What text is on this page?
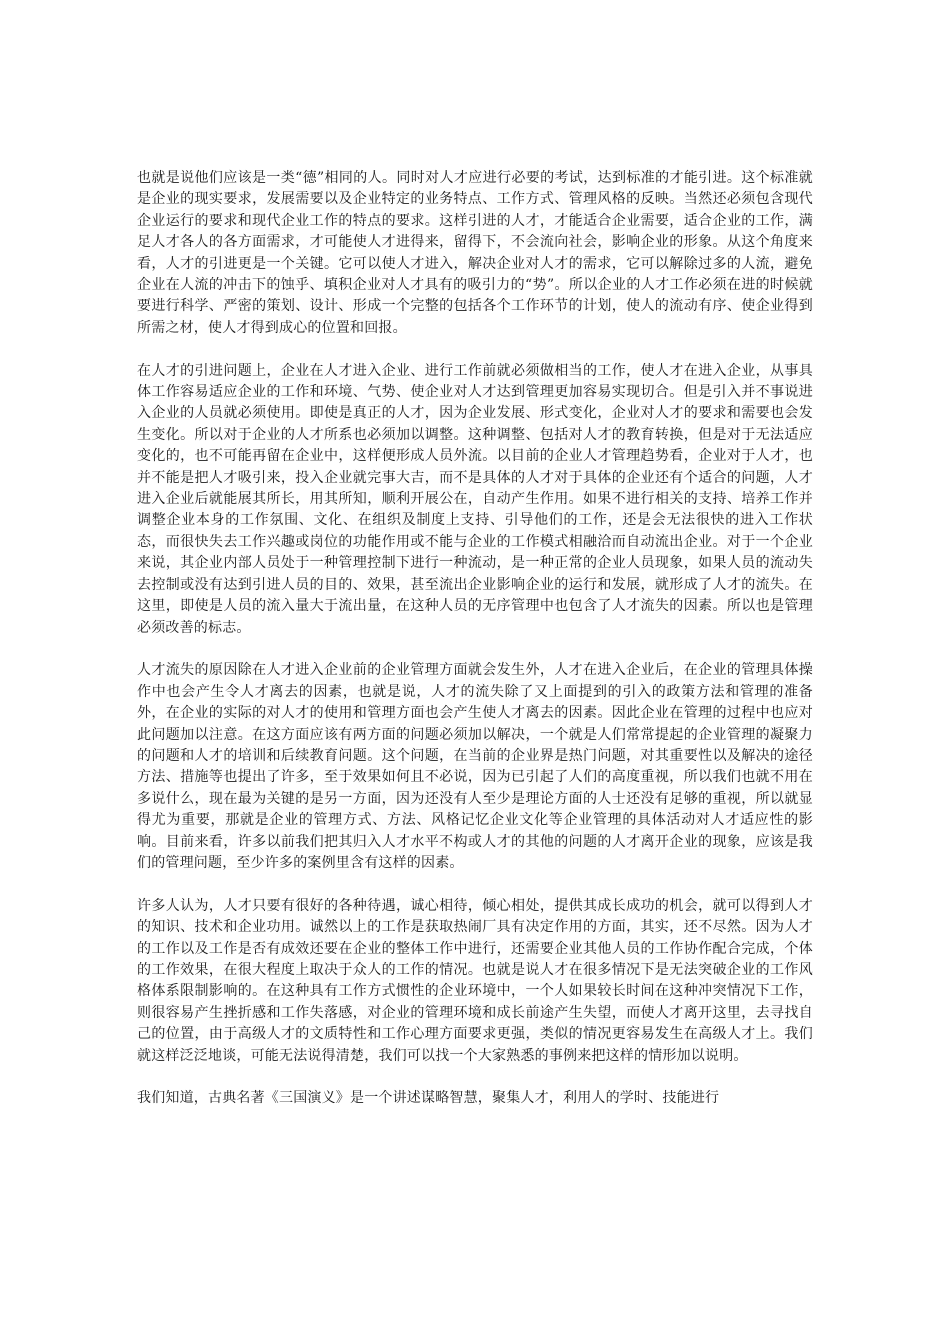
也就是说他们应该是一类“德”相同的人。同时对人才应进行必要的考试，达到标准的才能引进。这个标准就是企业的现实要求，发展需要以及企业特定的业务特点、工作方式、管理风格的反映。当然还必须包含现代企业运行的要求和现代企业工作的特点的要求。这样引进的人才，才能适合企业需要，适合企业的工作，满足人才各人的各方面需求，才可能使人才进得来，留得下，不会流向社会，影响企业的形象。从这个角度来看，人才的引进更是一个关键。它可以使人才进入，解决企业对人才的需求，它可以解除过多的人流，避免企业在人流的冲击下的蚀乎、填积企业对人才具有的吸引力的“势”。所以企业的人才工作必须在进的时候就要进行科学、严密的策划、设计、形成一个完整的包括各个工作环节的计划，使人的流动有序、使企业得到所需之材，使人才得到成心的位置和回报。

在人才的引进问题上，企业在人才进入企业、进行工作前就必须做相当的工作，使人才在进入企业，从事具体工作容易适应企业的工作和环境、气势、使企业对人才达到管理更加容易实现切合。但是引入并不事说进入企业的人员就必须使用。即使是真正的人才，因为企业发展、形式变化，企业对人才的要求和需要也会发生变化。所以对于企业的人才所系也必须加以调整。这种调整、包括对人才的教育转换，但是对于无法适应变化的，也不可能再留在企业中，这样便形成人员外流。以目前的企业人才管理趋势看，企业对于人才，也并不能是把人才吸引来，投入企业就完事大吉，而不是具体的人才对于具体的企业还有个适合的问题，人才进入企业后就能展其所长，用其所知，顺利开展公在，自动产生作用。如果不进行相关的支持、培养工作并调整企业本身的工作氛围、文化、在组织及制度上支持、引导他们的工作，还是会无法很快的进入工作状态，而很快失去工作兴趣或岗位的功能作用或不能与企业的工作模式相融洽而自动流出企业。对于一个企业来说，其企业内部人员处于一种管理控制下进行一种流动，是一种正常的企业人员现象，如果人员的流动失去控制或没有达到引进人员的目的、效果，甚至流出企业影响企业的运行和发展，就形成了人才的流失。在这里，即使是人员的流入量大于流出量，在这种人员的无序管理中也包含了人才流失的因素。所以也是管理必须改善的标志。

人才流失的原因除在人才进入企业前的企业管理方面就会发生外，人才在进入企业后，在企业的管理具体操作中也会产生令人才离去的因素，也就是说，人才的流失除了又上面提到的引入的政策方法和管理的准备外，在企业的实际的对人才的使用和管理方面也会产生使人才离去的因素。因此企业在管理的过程中也应对此问题加以注意。在这方面应该有两方面的问题必须加以解决，一个就是人们常常提起的企业管理的凝聚力的问题和人才的培训和后续教育问题。这个问题，在当前的企业界是热门问题，对其重要性以及解决的途径方法、措施等也提出了许多，至于效果如何且不必说，因为已引起了人们的高度重视，所以我们也就不用在多说什么，现在最为关键的是另一方面，因为还没有人至少是理论方面的人士还没有足够的重视，所以就显得尤为重要，那就是企业的管理方式、方法、风格记忆企业文化等企业管理的具体活动对人才适应性的影响。目前来看，许多以前我们把其归入人才水平不构或人才的其他的问题的人才离开企业的现象，应该是我们的管理问题，至少许多的案例里含有这样的因素。

许多人认为，人才只要有很好的各种待遇，诚心相待，倾心相处，提供其成长成功的机会，就可以得到人才的知识、技术和企业功用。诚然以上的工作是获取热闹厂具有决定作用的方面，其实，还不尽然。因为人才的工作以及工作是否有成效还要在企业的整体工作中进行，还需要企业其他人员的工作协作配合完成，个体的工作效果，在很大程度上取决于众人的工作的情况。也就是说人才在很多情况下是无法突破企业的工作风格体系限制影响的。在这种具有工作方式惯性的企业环境中，一个人如果较长时间在这种冲突情况下工作，则很容易产生挫折感和工作失落感，对企业的管理环境和成长前途产生失望，而使人才离开这里，去寻找自己的位置，由于高级人才的文质特性和工作心理方面要求更强，类似的情况更容易发生在高级人才上。我们就这样泛泛地谈，可能无法说得清楚，我们可以找一个大家熟悉的事例来把这样的情形加以说明。

我们知道，古典名著《三国演义》是一个讲述谋略智慧，聚集人才，利用人的学时、技能进行
